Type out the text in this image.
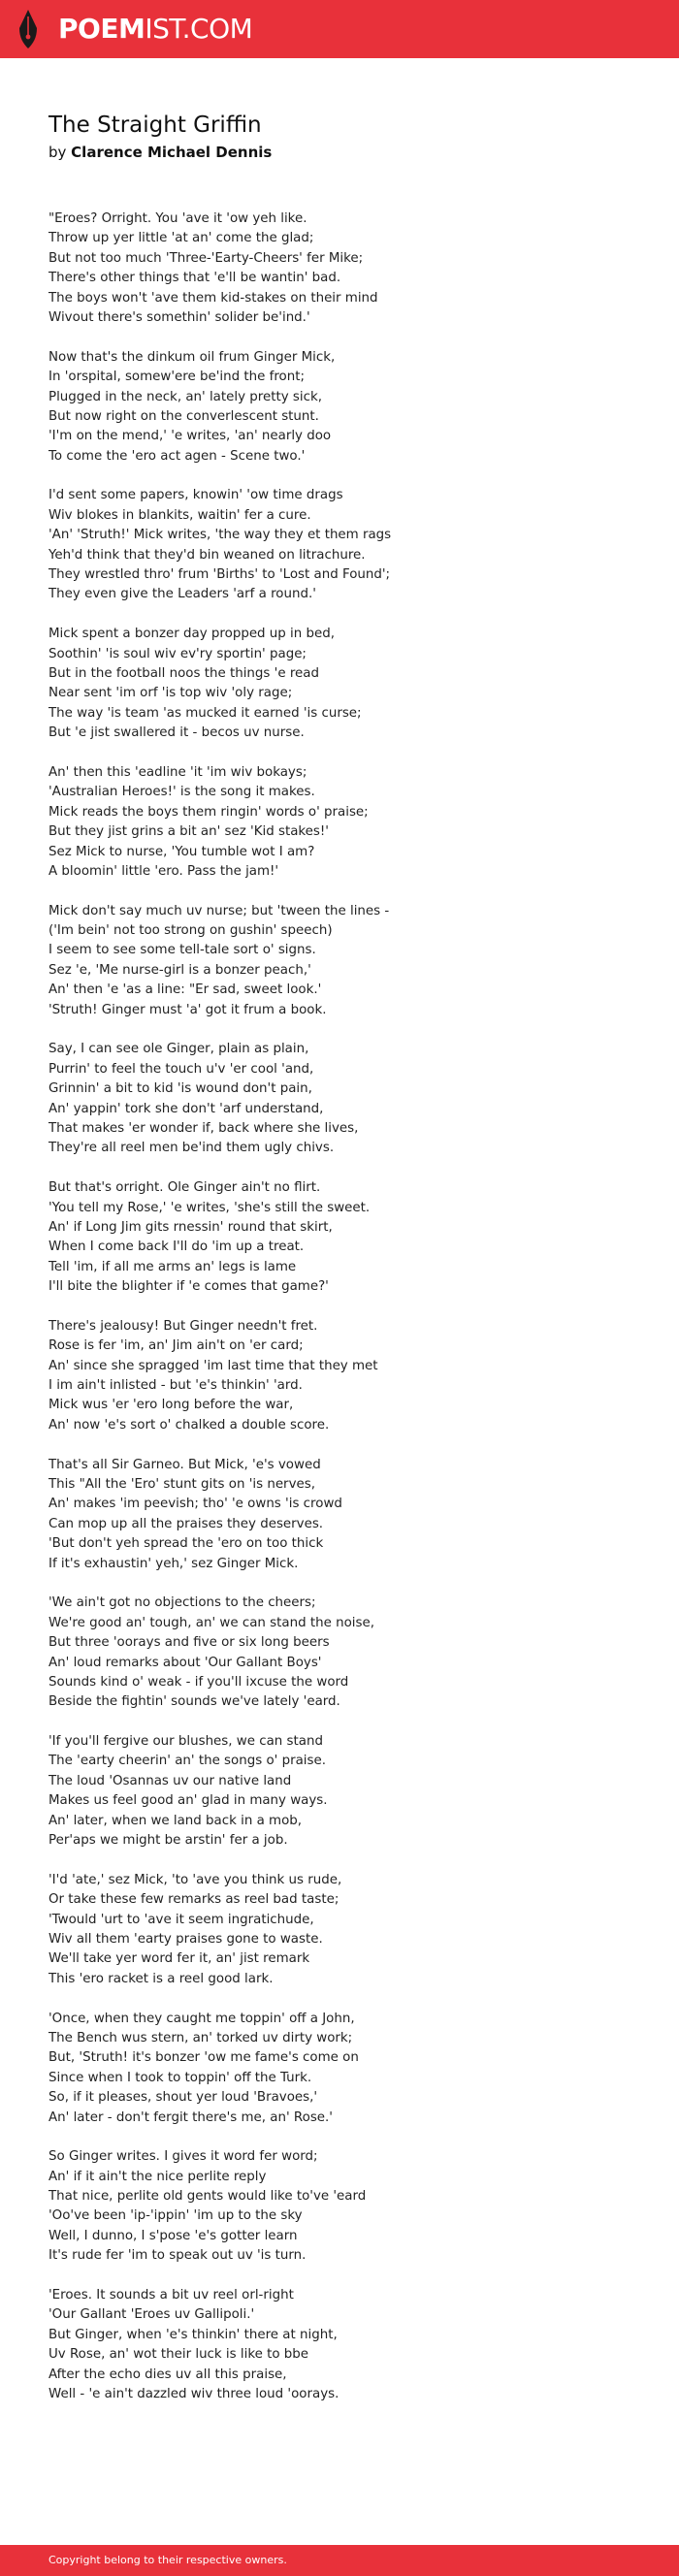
POEMIST.COM
The Straight Griffin
by Clarence Michael Dennis
"Eroes? Orright. You 'ave it 'ow yeh like.
Throw up yer little 'at an' come the glad;
But not too much 'Three-'Earty-Cheers' fer Mike;
There's other things that 'e'll be wantin' bad.
The boys won't 'ave them kid-stakes on their mind
Wivout there's somethin' solider be'ind.'
Now that's the dinkum oil frum Ginger Mick,
In 'orspital, somew'ere be'ind the front;
Plugged in the neck, an' lately pretty sick,
But now right on the converlescent stunt.
'I'm on the mend,' 'e writes, 'an' nearly doo
To come the 'ero act agen - Scene two.'
I'd sent some papers, knowin' 'ow time drags
Wiv blokes in blankits, waitin' fer a cure.
'An' 'Struth!' Mick writes, 'the way they et them rags
Yeh'd think that they'd bin weaned on litrachure.
They wrestled thro' frum 'Births' to 'Lost and Found';
They even give the Leaders 'arf a round.'
Mick spent a bonzer day propped up in bed,
Soothin' 'is soul wiv ev'ry sportin' page;
But in the football noos the things 'e read
Near sent 'im orf 'is top wiv 'oly rage;
The way 'is team 'as mucked it earned 'is curse;
But 'e jist swallered it - becos uv nurse.
An' then this 'eadline 'it 'im wiv bokays;
'Australian Heroes!' is the song it makes.
Mick reads the boys them ringin' words o' praise;
But they jist grins a bit an' sez 'Kid stakes!'
Sez Mick to nurse, 'You tumble wot I am?
A bloomin' little 'ero. Pass the jam!'
Mick don't say much uv nurse; but 'tween the lines -
('Im bein' not too strong on gushin' speech)
I seem to see some tell-tale sort o' signs.
Sez 'e, 'Me nurse-girl is a bonzer peach,'
An' then 'e 'as a line: "Er sad, sweet look.'
'Struth! Ginger must 'a' got it frum a book.
Say, I can see ole Ginger, plain as plain,
Purrin' to feel the touch u'v 'er cool 'and,
Grinnin' a bit to kid 'is wound don't pain,
An' yappin' tork she don't 'arf understand,
That makes 'er wonder if, back where she lives,
They're all reel men be'ind them ugly chivs.
But that's orright. Ole Ginger ain't no flirt.
'You tell my Rose,' 'e writes, 'she's still the sweet.
An' if Long Jim gits rnessin' round that skirt,
When I come back I'll do 'im up a treat.
Tell 'im, if all me arms an' legs is lame
I'll bite the blighter if 'e comes that game?'
There's jealousy! But Ginger needn't fret.
Rose is fer 'im, an' Jim ain't on 'er card;
An' since she spragged 'im last time that they met
I im ain't inlisted - but 'e's thinkin' 'ard.
Mick wus 'er 'ero long before the war,
An' now 'e's sort o' chalked a double score.
That's all Sir Garneo. But Mick, 'e's vowed
This "All the 'Ero' stunt gits on 'is nerves,
An' makes 'im peevish; tho' 'e owns 'is crowd
Can mop up all the praises they deserves.
'But don't yeh spread the 'ero on too thick
If it's exhaustin' yeh,' sez Ginger Mick.
'We ain't got no objections to the cheers;
We're good an' tough, an' we can stand the noise,
But three 'oorays and five or six long beers
An' loud remarks about 'Our Gallant Boys'
Sounds kind o' weak - if you'll ixcuse the word
Beside the fightin' sounds we've lately 'eard.
'If you'll fergive our blushes, we can stand
The 'earty cheerin' an' the songs o' praise.
The loud 'Osannas uv our native land
Makes us feel good an' glad in many ways.
An' later, when we land back in a mob,
Per'aps we might be arstin' fer a job.
'I'd 'ate,' sez Mick, 'to 'ave you think us rude,
Or take these few remarks as reel bad taste;
'Twould 'urt to 'ave it seem ingratichude,
Wiv all them 'earty praises gone to waste.
We'll take yer word fer it, an' jist remark
This 'ero racket is a reel good lark.
'Once, when they caught me toppin' off a John,
The Bench wus stern, an' torked uv dirty work;
But, 'Struth! it's bonzer 'ow me fame's come on
Since when I took to toppin' off the Turk.
So, if it pleases, shout yer loud 'Bravoes,'
An' later - don't fergit there's me, an' Rose.'
So Ginger writes. I gives it word fer word;
An' if it ain't the nice perlite reply
That nice, perlite old gents would like to've 'eard
'Oo've been 'ip-'ippin' 'im up to the sky
Well, I dunno, I s'pose 'e's gotter learn
It's rude fer 'im to speak out uv 'is turn.
'Eroes. It sounds a bit uv reel orl-right
'Our Gallant 'Eroes uv Gallipoli.'
But Ginger, when 'e's thinkin' there at night,
Uv Rose, an' wot their luck is like to bbe
After the echo dies uv all this praise,
Well - 'e ain't dazzled wiv three loud 'oorays.
Copyright belong to their respective owners.
